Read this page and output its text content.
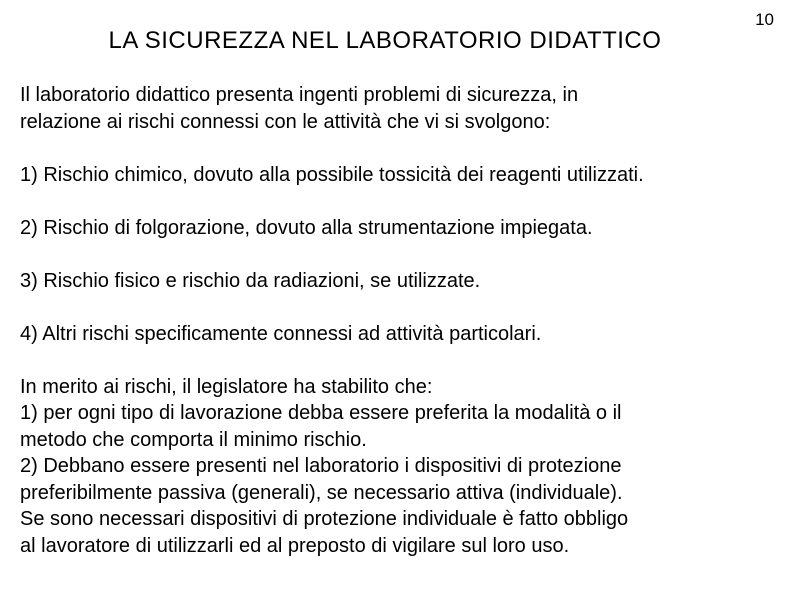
10
LA SICUREZZA NEL LABORATORIO DIDATTICO
Il laboratorio didattico presenta ingenti problemi di sicurezza, in
relazione ai rischi connessi con le attività che vi si svolgono:
1) Rischio chimico, dovuto alla possibile tossicità dei reagenti utilizzati.
2) Rischio di folgorazione, dovuto alla strumentazione impiegata.
3) Rischio fisico e rischio da radiazioni, se utilizzate.
4) Altri rischi specificamente connessi ad attività particolari.
In merito ai rischi, il legislatore ha stabilito che:
1) per ogni tipo di lavorazione debba essere preferita la modalità o il
metodo che comporta il minimo rischio.
2) Debbano essere presenti nel laboratorio i dispositivi di protezione
preferibilmente passiva (generali), se necessario attiva (individuale).
Se sono necessari dispositivi di protezione individuale è fatto obbligo
al lavoratore di utilizzarli ed al preposto di vigilare sul loro uso.
